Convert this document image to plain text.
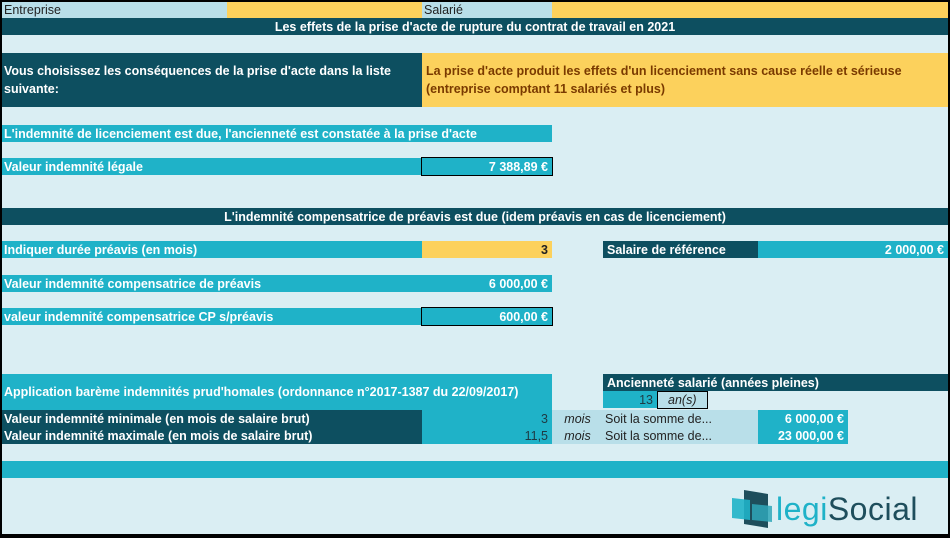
Entreprise	Salarié
Les effets de la prise d'acte de rupture du contrat de travail en 2021
Vous choisissez les conséquences de la prise d'acte dans la liste suivante:
La prise d'acte produit les effets d'un licenciement sans cause réelle et sérieuse (entreprise comptant 11 salariés et plus)
L'indemnité de licenciement est due, l'ancienneté est constatée à la prise d'acte
Valeur indemnité légale	7 388,89 €
L'indemnité compensatrice de préavis est due (idem préavis en cas de licenciement)
Indiquer durée préavis (en mois)	3	Salaire de référence	2 000,00 €
Valeur indemnité compensatrice de préavis	6 000,00 €
valeur indemnité compensatrice CP s/préavis	600,00 €
Application barème indemnités prud'homales (ordonnance n°2017-1387 du 22/09/2017)
Ancienneté salarié (années pleines)
13	an(s)
Valeur indemnité minimale (en mois de salaire brut)	3	mois	Soit la somme de...	6 000,00 €
Valeur indemnité maximale (en mois de salaire brut)	11,5	mois	Soit la somme de...	23 000,00 €
legiSocial
